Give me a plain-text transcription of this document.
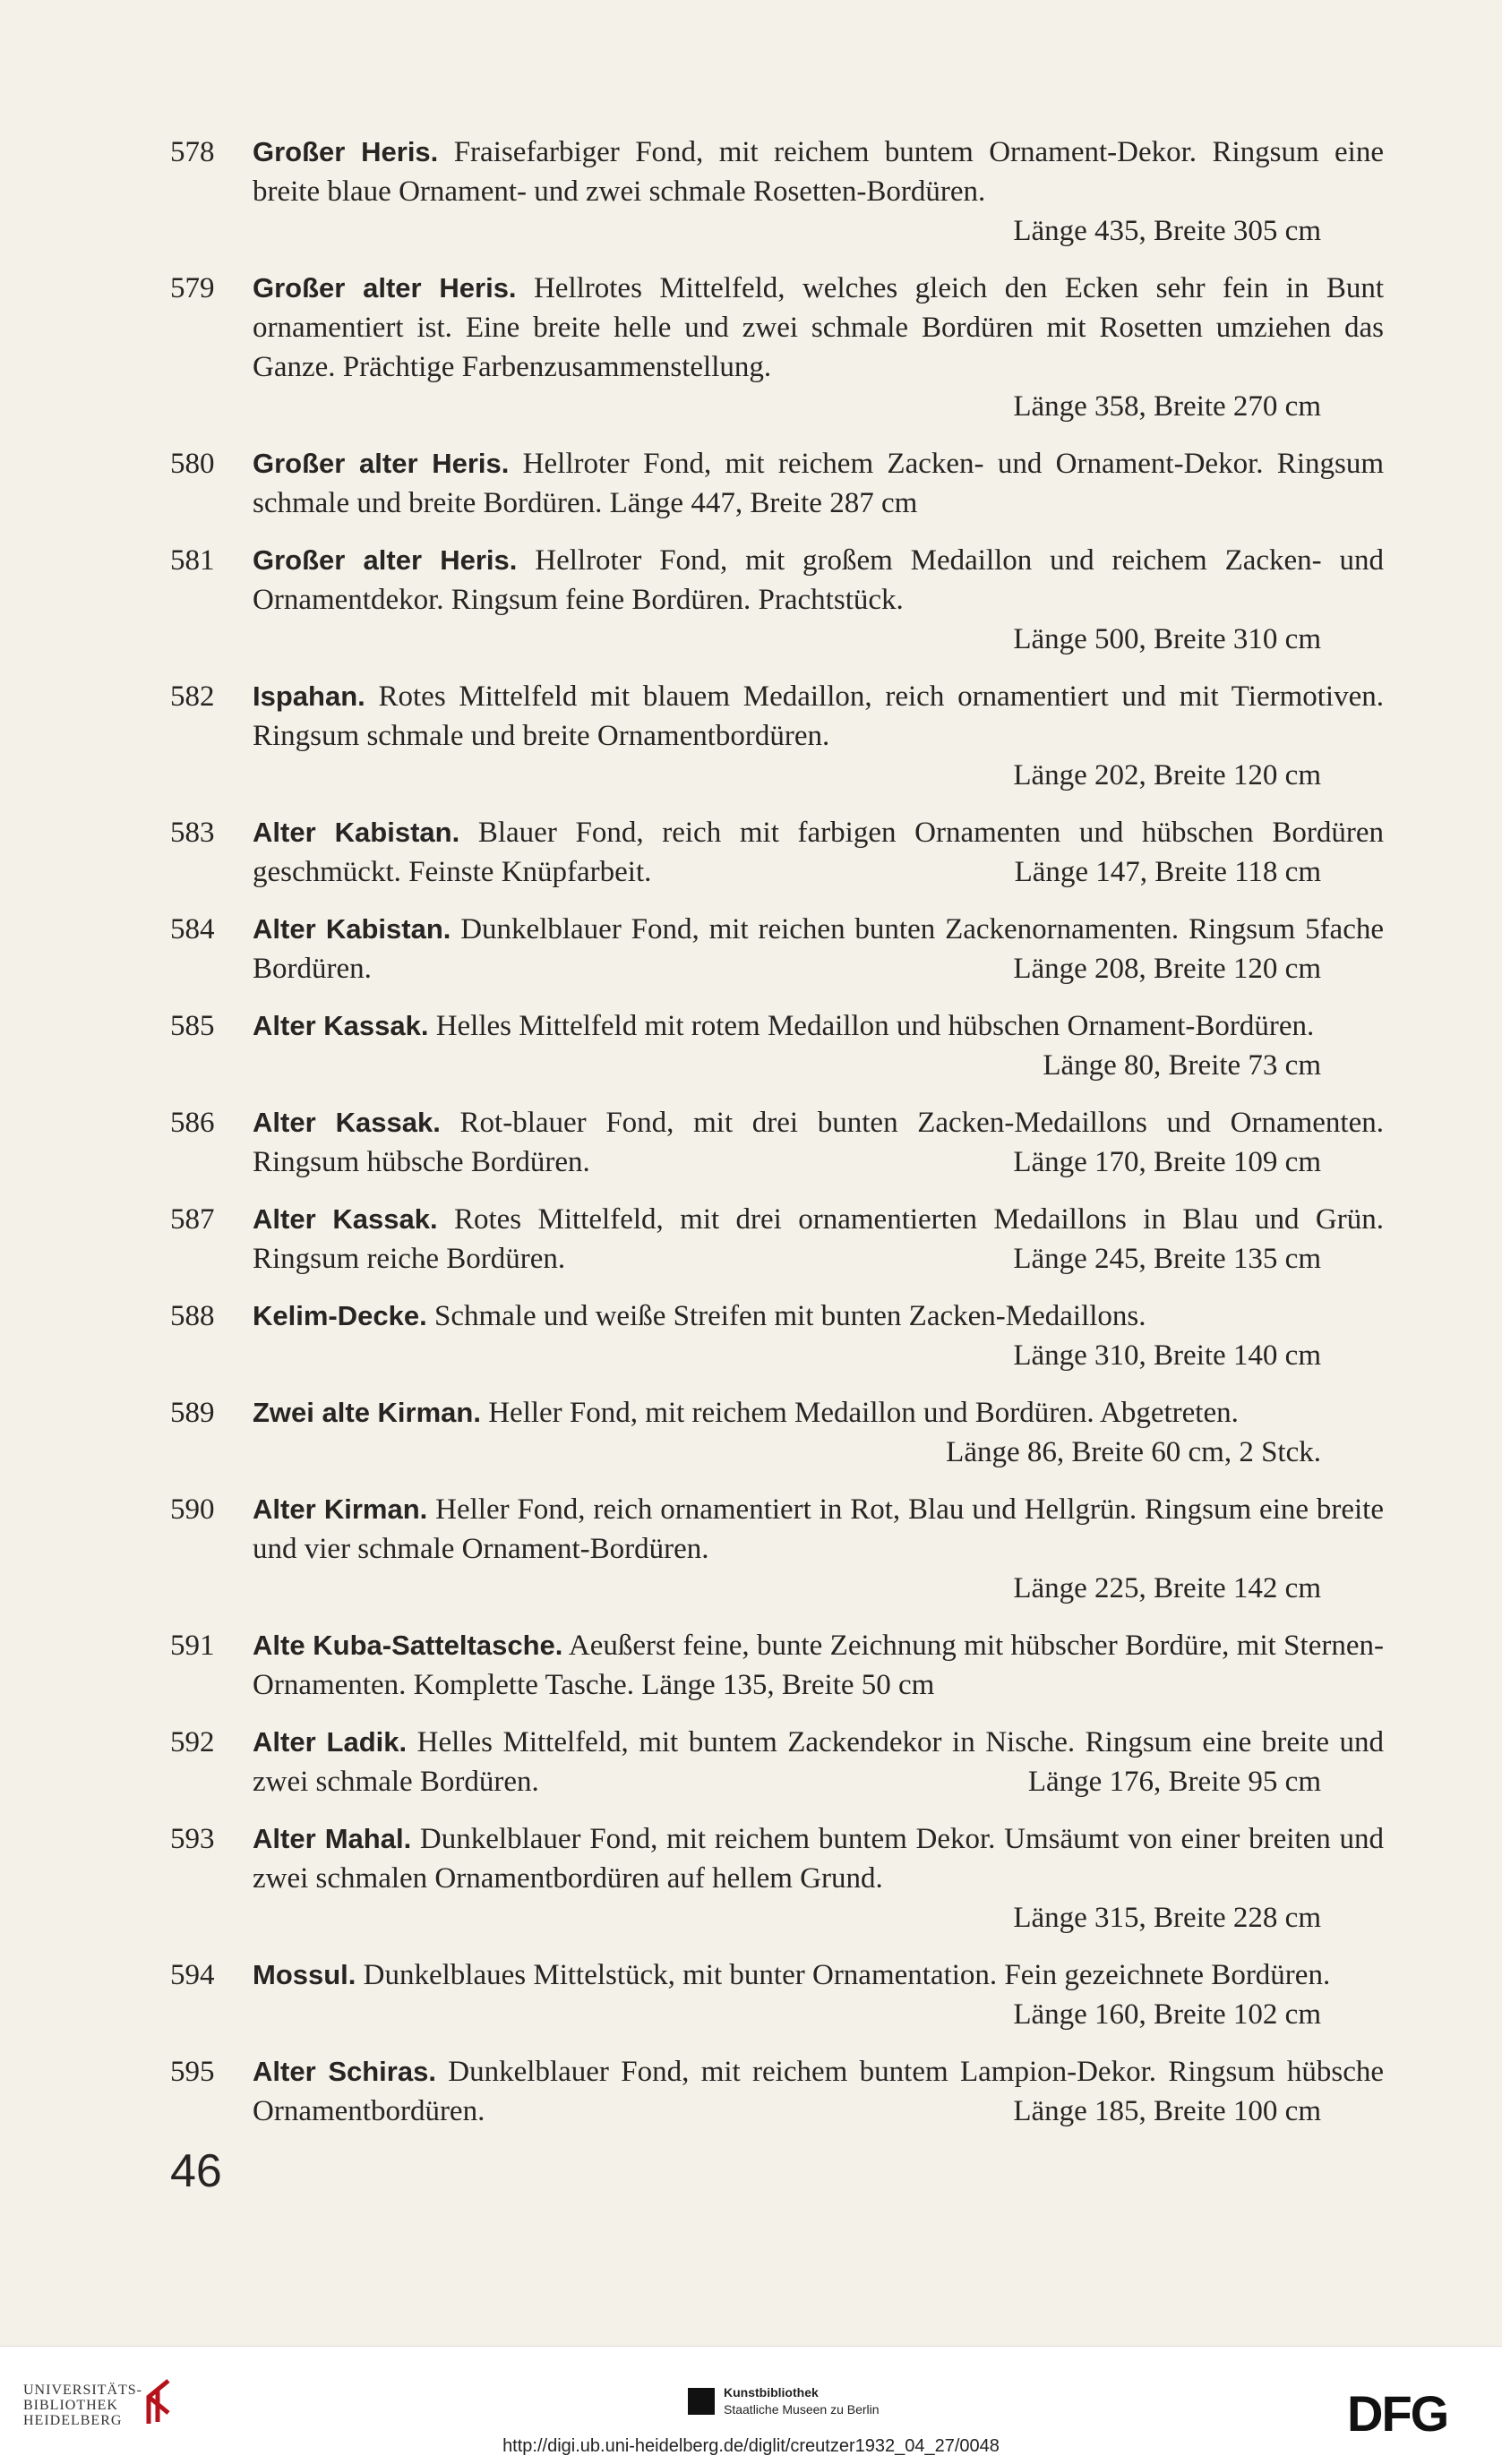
578	Großer Heris. Fraisefarbiger Fond, mit reichem buntem Ornament-Dekor. Ringsum eine breite blaue Ornament- und zwei schmale Rosetten-Bordüren.
Länge 435, Breite 305 cm
579	Großer alter Heris. Hellrotes Mittelfeld, welches gleich den Ecken sehr fein in Bunt ornamentiert ist. Eine breite helle und zwei schmale Bordüren mit Rosetten umziehen das Ganze. Prächtige Farbenzusammenstellung.
Länge 358, Breite 270 cm
580	Großer alter Heris. Hellroter Fond, mit reichem Zacken- und Ornament-Dekor. Ringsum schmale und breite Bordüren. Länge 447, Breite 287 cm
581	Großer alter Heris. Hellroter Fond, mit großem Medaillon und reichem Zacken- und Ornamentdekor. Ringsum feine Bordüren. Prachtstück.
Länge 500, Breite 310 cm
582	Ispahan. Rotes Mittelfeld mit blauem Medaillon, reich ornamentiert und mit Tiermotiven. Ringsum schmale und breite Ornamentbordüren.
Länge 202, Breite 120 cm
583	Alter Kabistan. Blauer Fond, reich mit farbigen Ornamenten und hübschen Bordüren geschmückt. Feinste Knüpfarbeit.	Länge 147, Breite 118 cm
584	Alter Kabistan. Dunkelblauer Fond, mit reichen bunten Zackenornamenten. Ringsum 5fache Bordüren.	Länge 208, Breite 120 cm
585	Alter Kassak. Helles Mittelfeld mit rotem Medaillon und hübschen Ornament-Bordüren.
Länge 80, Breite 73 cm
586	Alter Kassak. Rot-blauer Fond, mit drei bunten Zacken-Medaillons und Ornamenten. Ringsum hübsche Bordüren.	Länge 170, Breite 109 cm
587	Alter Kassak. Rotes Mittelfeld, mit drei ornamentierten Medaillons in Blau und Grün. Ringsum reiche Bordüren.	Länge 245, Breite 135 cm
588	Kelim-Decke. Schmale und weiße Streifen mit bunten Zacken-Medaillons.
Länge 310, Breite 140 cm
589	Zwei alte Kirman. Heller Fond, mit reichem Medaillon und Bordüren. Abgetreten.
Länge 86, Breite 60 cm, 2 Stck.
590	Alter Kirman. Heller Fond, reich ornamentiert in Rot, Blau und Hellgrün. Ringsum eine breite und vier schmale Ornament-Bordüren.
Länge 225, Breite 142 cm
591	Alte Kuba-Satteltasche. Aeußerst feine, bunte Zeichnung mit hübscher Bordüre, mit Sternen-Ornamenten. Komplette Tasche. Länge 135, Breite 50 cm
592	Alter Ladik. Helles Mittelfeld, mit buntem Zackendekor in Nische. Ringsum eine breite und zwei schmale Bordüren.	Länge 176, Breite 95 cm
593	Alter Mahal. Dunkelblauer Fond, mit reichem buntem Dekor. Umsäumt von einer breiten und zwei schmalen Ornamentbordüren auf hellem Grund.
Länge 315, Breite 228 cm
594	Mossul. Dunkelblaues Mittelstück, mit bunter Ornamentation. Fein gezeichnete Bordüren.
Länge 160, Breite 102 cm
595	Alter Schiras. Dunkelblauer Fond, mit reichem buntem Lampion-Dekor. Ringsum hübsche Ornamentbordüren.	Länge 185, Breite 100 cm
46
UNIVERSITÄTS-
BIBLIOTHEK
HEIDELBERG
Kunstbibliothek
Staatliche Museen zu Berlin	DFG
http://digi.ub.uni-heidelberg.de/diglit/creutzer1932_04_27/0048
